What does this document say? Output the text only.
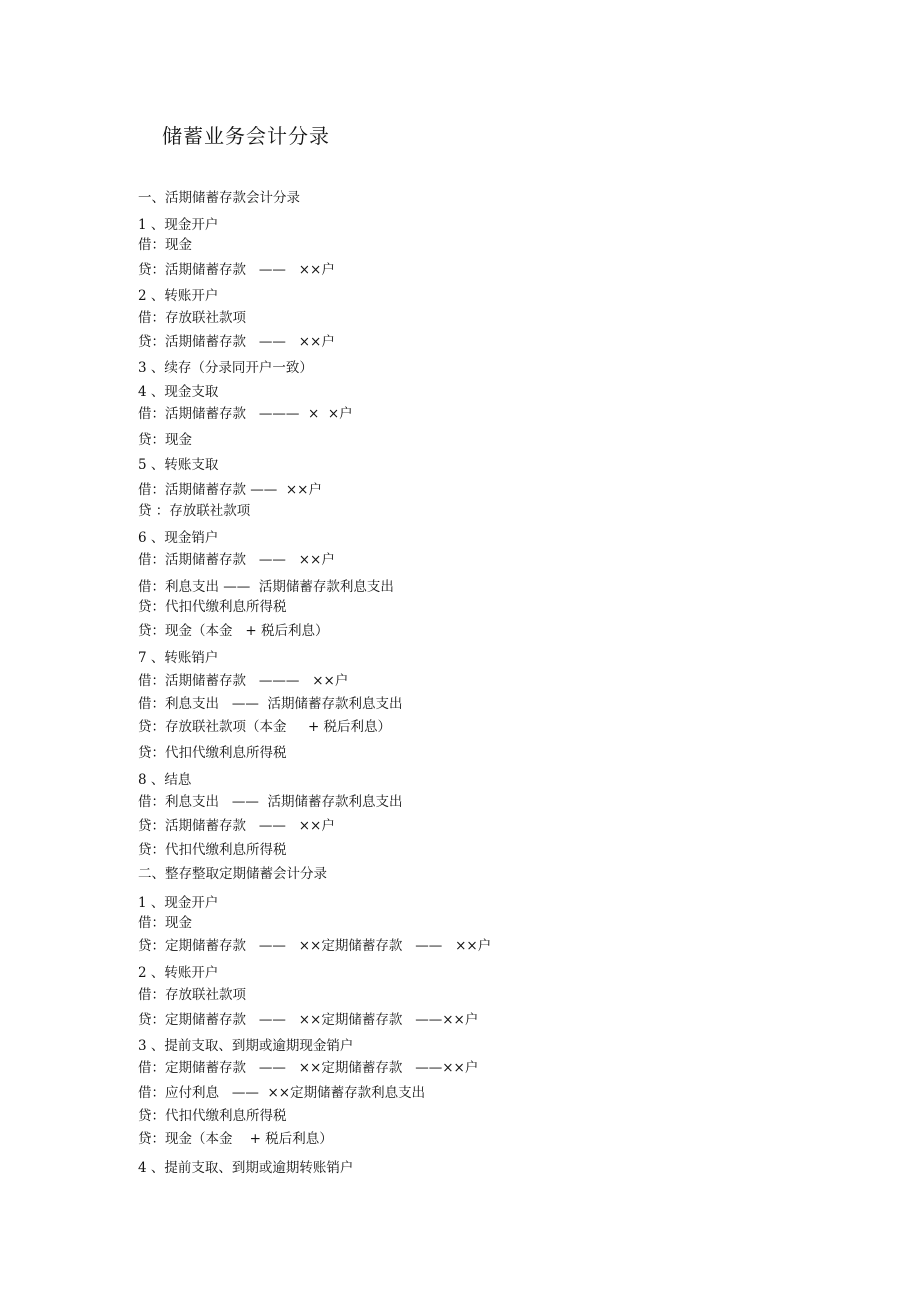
储蓄业务会计分录
一、活期储蓄存款会计分录
1 、现金开户
借：现金
贷：活期储蓄存款   ——   ××户
2 、转账开户
借：存放联社款项
贷：活期储蓄存款   ——   ××户
3 、续存（分录同开户一致）
4 、现金支取
借：活期储蓄存款   ———  ×  ×户
贷：现金
5 、转账支取
借：活期储蓄存款 ——  ××户
贷 ：存放联社款项
6 、现金销户
借：活期储蓄存款   ——   ××户
借：利息支出 ——  活期储蓄存款利息支出
贷：代扣代缴利息所得税
贷：现金（本金   + 税后利息）
7 、转账销户
借：活期储蓄存款   ———   ××户
借：利息支出   ——  活期储蓄存款利息支出
贷：存放联社款项（本金     + 税后利息）
贷：代扣代缴利息所得税
8 、结息
借：利息支出   ——  活期储蓄存款利息支出
贷：活期储蓄存款   ——   ××户
贷：代扣代缴利息所得税
二、整存整取定期储蓄会计分录
1 、现金开户
借：现金
贷：定期储蓄存款   ——   ××定期储蓄存款   ——   ××户
2 、转账开户
借：存放联社款项
贷：定期储蓄存款   ——   ××定期储蓄存款   ——××户
3 、提前支取、到期或逾期现金销户
借：定期储蓄存款   ——   ××定期储蓄存款   ——××户
借：应付利息   ——  ××定期储蓄存款利息支出
贷：代扣代缴利息所得税
贷：现金（本金    + 税后利息）
4 、提前支取、到期或逾期转账销户
